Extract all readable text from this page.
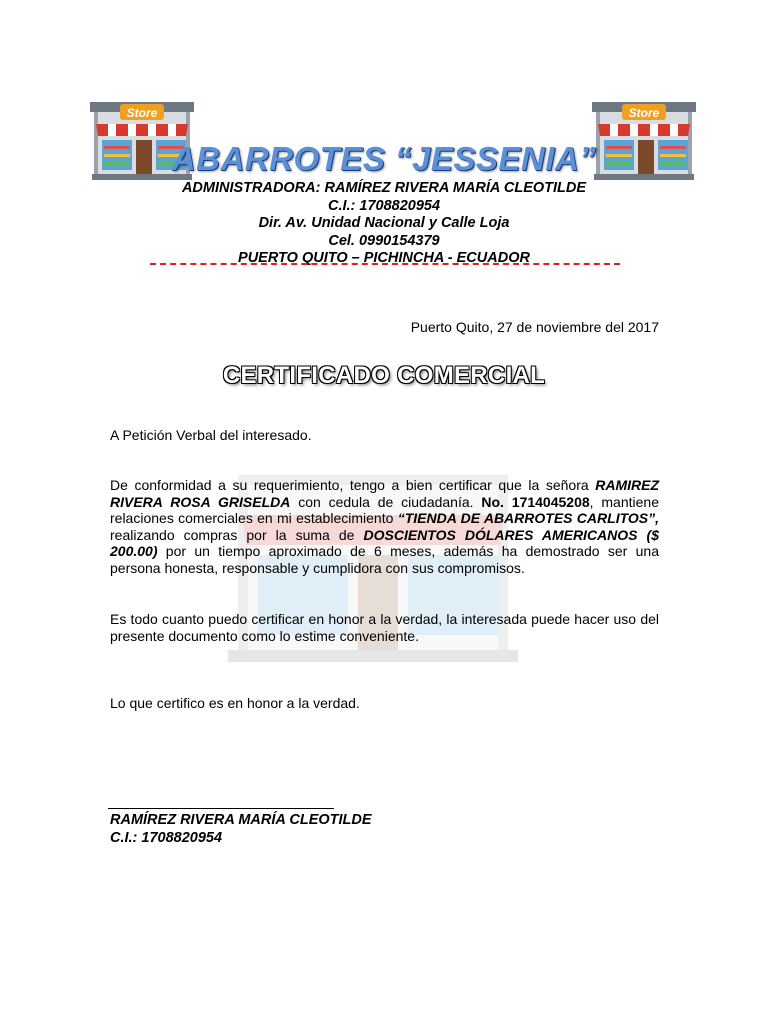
Store	Store
ABARROTES “JESSENIA”
ADMINISTRADORA: RAMÍREZ RIVERA MARÍA CLEOTILDE
C.I.: 1708820954
Dir. Av. Unidad Nacional y Calle Loja
Cel. 0990154379
PUERTO QUITO – PICHINCHA - ECUADOR
Puerto Quito, 27 de noviembre del 2017
CERTIFICADO COMERCIAL

A Petición Verbal del interesado.

De conformidad a su requerimiento, tengo a bien certificar que la señora RAMIREZ RIVERA ROSA GRISELDA con cedula de ciudadanía. No. 1714045208, mantiene relaciones comerciales en mi establecimiento “TIENDA DE ABARROTES CARLITOS”, realizando compras por la suma de DOSCIENTOS DÓLARES AMERICANOS ($ 200.00) por un tiempo aproximado de 6 meses, además ha demostrado ser una persona honesta, responsable y cumplidora con sus compromisos.

Es todo cuanto puedo certificar en honor a la verdad, la interesada puede hacer uso del presente documento como lo estime conveniente.

Lo que certifico es en honor a la verdad.

RAMÍREZ RIVERA MARÍA CLEOTILDE
C.I.: 1708820954
